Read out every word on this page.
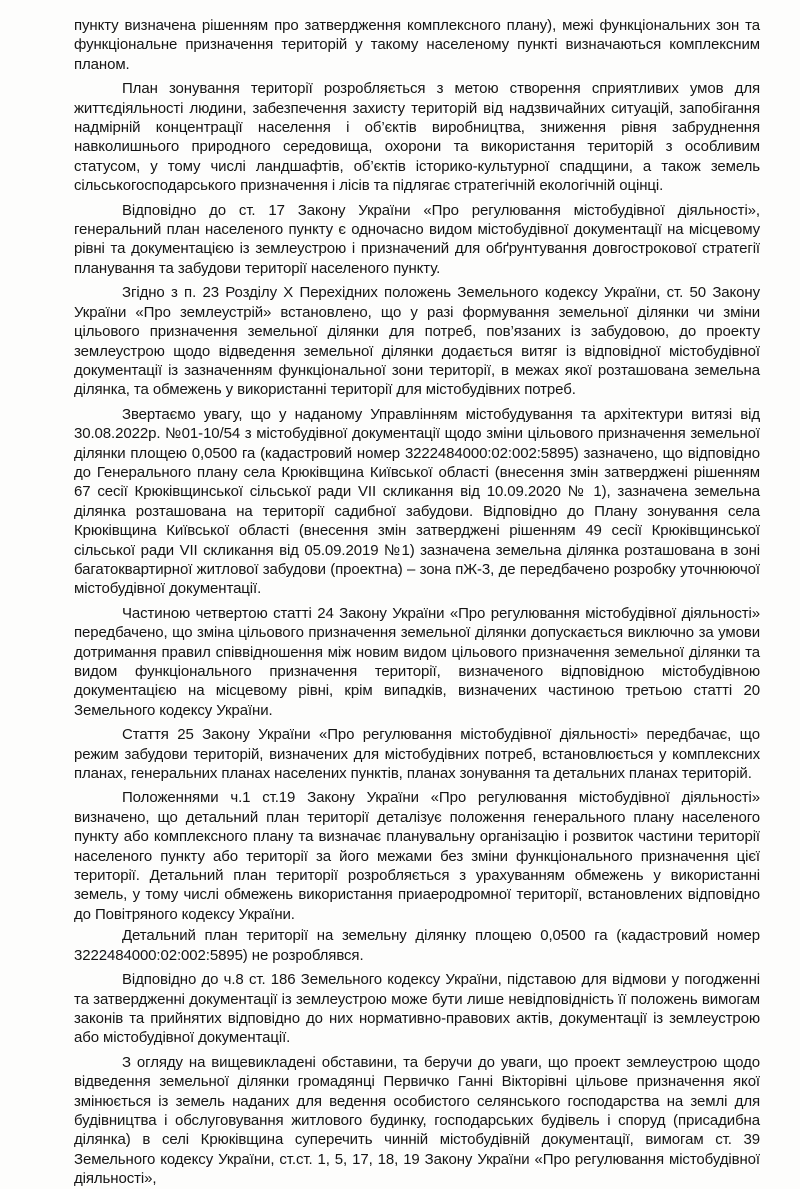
пункту визначена рішенням про затвердження комплексного плану), межі функціональних зон та функціональне призначення територій у такому населеному пункті визначаються комплексним планом.

План зонування території розробляється з метою створення сприятливих умов для життєдіяльності людини, забезпечення захисту територій від надзвичайних ситуацій, запобігання надмірній концентрації населення і об’єктів виробництва, зниження рівня забруднення навколишнього природного середовища, охорони та використання територій з особливим статусом, у тому числі ландшафтів, об’єктів історико-культурної спадщини, а також земель сільськогосподарського призначення і лісів та підлягає стратегічній екологічній оцінці.

Відповідно до ст. 17 Закону України «Про регулювання містобудівної діяльності», генеральний план населеного пункту є одночасно видом містобудівної документації на місцевому рівні та документацією із землеустрою і призначений для обґрунтування довгострокової стратегії планування та забудови території населеного пункту.

Згідно з п. 23 Розділу Х Перехідних положень Земельного кодексу України, ст. 50 Закону України «Про землеустрій» встановлено, що у разі формування земельної ділянки чи зміни цільового призначення земельної ділянки для потреб, пов’язаних із забудовою, до проекту землеустрою щодо відведення земельної ділянки додається витяг із відповідної містобудівної документації із зазначенням функціональної зони території, в межах якої розташована земельна ділянка, та обмежень у використанні території для містобудівних потреб.

Звертаємо увагу, що у наданому Управлінням містобудування та архітектури витязі від 30.08.2022р. №01-10/54 з містобудівної документації щодо зміни цільового призначення земельної ділянки площею 0,0500 га (кадастровий номер 3222484000:02:002:5895) зазначено, що відповідно до Генерального плану села Крюківщина Київської області (внесення змін затверджені рішенням 67 сесії Крюківщинської сільської ради VII скликання від 10.09.2020 № 1), зазначена земельна ділянка розташована на території садибної забудови. Відповідно до Плану зонування села Крюківщина Київської області (внесення змін затверджені рішенням 49 сесії Крюківщинської сільської ради VII скликання від 05.09.2019 №1) зазначена земельна ділянка розташована в зоні багатоквартирної житлової забудови (проектна) – зона пЖ-3, де передбачено розробку уточнюючої містобудівної документації.

Частиною четвертою статті 24 Закону України «Про регулювання містобудівної діяльності» передбачено, що зміна цільового призначення земельної ділянки допускається виключно за умови дотримання правил співвідношення між новим видом цільового призначення земельної ділянки та видом функціонального призначення території, визначеного відповідною містобудівною документацією на місцевому рівні, крім випадків, визначених частиною третьою статті 20 Земельного кодексу України.

Стаття 25 Закону України «Про регулювання містобудівної діяльності» передбачає, що режим забудови територій, визначених для містобудівних потреб, встановлюється у комплексних планах, генеральних планах населених пунктів, планах зонування та детальних планах територій.

Положеннями ч.1 ст.19 Закону України «Про регулювання містобудівної діяльності» визначено, що детальний план території деталізує положення генерального плану населеного пункту або комплексного плану та визначає планувальну організацію і розвиток частини території населеного пункту або території за його межами без зміни функціонального призначення цієї території. Детальний план території розробляється з урахуванням обмежень у використанні земель, у тому числі обмежень використання приаеродромної території, встановлених відповідно до Повітряного кодексу України.

Детальний план території на земельну ділянку площею 0,0500 га (кадастровий номер 3222484000:02:002:5895) не розроблявся.

Відповідно до ч.8 ст. 186 Земельного кодексу України, підставою для відмови у погодженні та затвердженні документації із землеустрою може бути лише невідповідність її положень вимогам законів та прийнятих відповідно до них нормативно-правових актів, документації із землеустрою або містобудівної документації.

З огляду на вищевикладені обставини, та беручи до уваги, що проект землеустрою щодо відведення земельної ділянки громадянці Первичко Ганні Вікторівні цільове призначення якої змінюється із земель наданих для ведення особистого селянського господарства на землі для будівництва і обслуговування житлового будинку, господарських будівель і споруд (присадибна ділянка) в селі Крюківщина суперечить чинній містобудівній документації, вимогам ст. 39 Земельного кодексу України, ст.ст. 1, 5, 17, 18, 19 Закону України «Про регулювання містобудівної діяльності»,
